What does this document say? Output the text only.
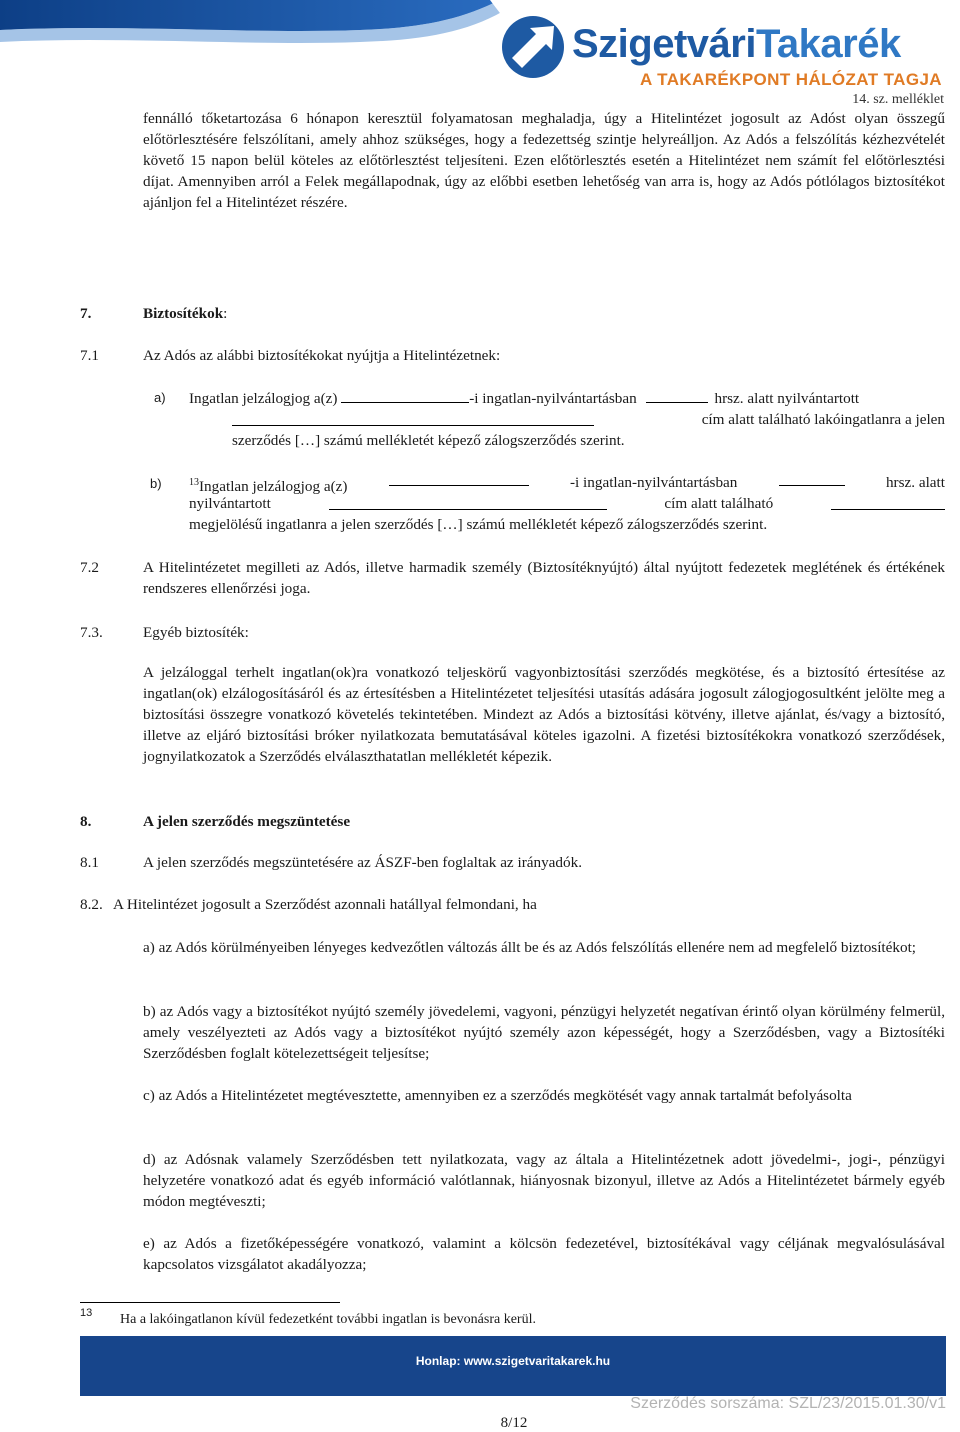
SzigetváriTakarék
A TAKARÉKPONT HÁLÓZAT TAGJA
14. sz. melléklet
fennálló tőketartozása 6 hónapon keresztül folyamatosan meghaladja, úgy a Hitelintézet jogosult az Adóst olyan összegű előtörlesztésére felszólítani, amely ahhoz szükséges, hogy a fedezettség szintje helyreálljon. Az Adós a felszólítás kézhezvételét követő 15 napon belül köteles az előtörlesztést teljesíteni. Ezen előtörlesztés esetén a Hitelintézet nem számít fel előtörlesztési díjat. Amennyiben arról a Felek megállapodnak, úgy az előbbi esetben lehetőség van arra is, hogy az Adós pótlólagos biztosítékot ajánljon fel a Hitelintézet részére.
7.	Biztosítékok:
7.1	Az Adós az alábbi biztosítékokat nyújtja a Hitelintézetnek:
a) Ingatlan jelzálogjog a(z)	-i ingatlan-nyilvántartásban	hrsz. alatt nyilvántartott
cím alatt található lakóingatlanra a jelen
szerződés […] számú mellékletét képező zálogszerződés szerint.
b)	$^{13}$Ingatlan jelzálogjog a(z)	-i ingatlan-nyilvántartásban	hrsz. alatt
nyilvántartott	cím alatt található
megjelölésű ingatlanra a jelen szerződés […] számú mellékletét képező zálogszerződés szerint.
7.2	A Hitelintézetet megilleti az Adós, illetve harmadik személy (Biztosítéknyújtó) által nyújtott fedezetek meglétének és értékének rendszeres ellenőrzési joga.
7.3.	Egyéb biztosíték:
A jelzáloggal terhelt ingatlan(ok)ra vonatkozó teljeskörű vagyonbiztosítási szerződés megkötése, és a biztosító értesítése az ingatlan(ok) elzálogosításáról és az értesítésben a Hitelintézetet teljesítési utasítás adására jogosult zálogjogosultként jelölte meg a biztosítási összegre vonatkozó követelés tekintetében. Mindezt az Adós a biztosítási kötvény, illetve ajánlat, és/vagy a biztosító, illetve az eljáró biztosítási bróker nyilatkozata bemutatásával köteles igazolni. A fizetési biztosítékokra vonatkozó szerződések, jognyilatkozatok a Szerződés elválaszthatatlan mellékletét képezik.
8.	A jelen szerződés megszüntetése
8.1	A jelen szerződés megszüntetésére az ÁSZF-ben foglaltak az irányadók.
8.2. A Hitelintézet jogosult a Szerződést azonnali hatállyal felmondani, ha
a) az Adós körülményeiben lényeges kedvezőtlen változás állt be és az Adós felszólítás ellenére nem ad megfelelő biztosítékot;
b) az Adós vagy a biztosítékot nyújtó személy jövedelemi, vagyoni, pénzügyi helyzetét negatívan érintő olyan körülmény felmerül, amely veszélyezteti az Adós vagy a biztosítékot nyújtó személy azon képességét, hogy a Szerződésben, vagy a Biztosítéki Szerződésben foglalt kötelezettségeit teljesítse;
c) az Adós a Hitelintézetet megtévesztette, amennyiben ez a szerződés megkötését vagy annak tartalmát befolyásolta
d) az Adósnak valamely Szerződésben tett nyilatkozata, vagy az általa a Hitelintézetnek adott jövedelmi-, jogi-, pénzügyi helyzetére vonatkozó adat és egyéb információ valótlannak, hiányosnak bizonyul, illetve az Adós a Hitelintézetet bármely egyéb módon megtéveszti;
e) az Adós a fizetőképességére vonatkozó, valamint a kölcsön fedezetével, biztosítékával vagy céljának megvalósulásával kapcsolatos vizsgálatot akadályozza;
13 Ha a lakóingatlanon kívül fedezetként további ingatlan is bevonásra kerül.
Honlap: www.szigetvaritakarek.hu
Szerződés sorszáma: SZL/23/2015.01.30/v1
8/12
